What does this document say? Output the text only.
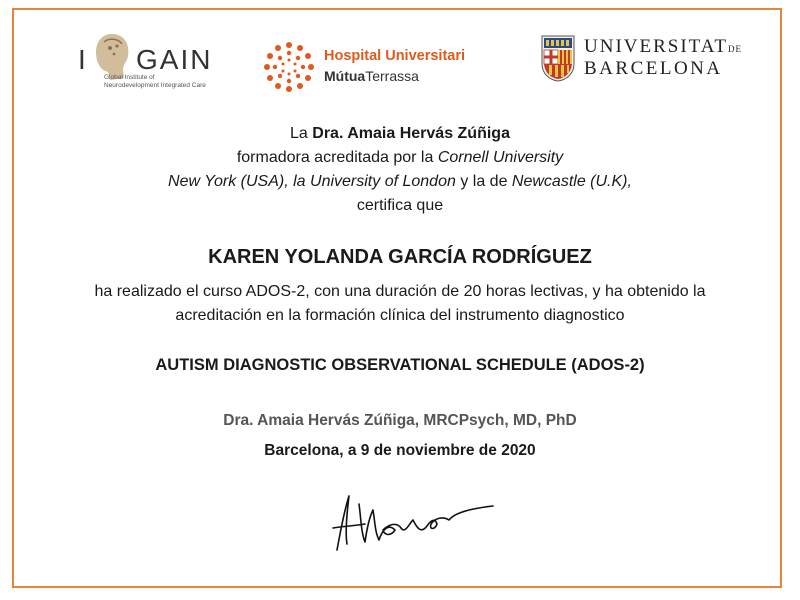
I GAIN
Global Institute of
Neurodevelopment Integrated Care
Hospital Universitari
MútuaTerrassa
UNIVERSITATDE
BARCELONA
La Dra. Amaia Hervás Zúñiga
formadora acreditada por la Cornell University
New York (USA), la University of London y la de Newcastle (U.K),
certifica que
KAREN YOLANDA GARCÍA RODRÍGUEZ
ha realizado el curso ADOS-2, con una duración de 20 horas lectivas, y ha obtenido la
acreditación en la formación clínica del instrumento diagnostico
AUTISM DIAGNOSTIC OBSERVATIONAL SCHEDULE (ADOS-2)
Dra. Amaia Hervás Zúñiga, MRCPsych, MD, PhD
Barcelona, a 9 de noviembre de 2020
